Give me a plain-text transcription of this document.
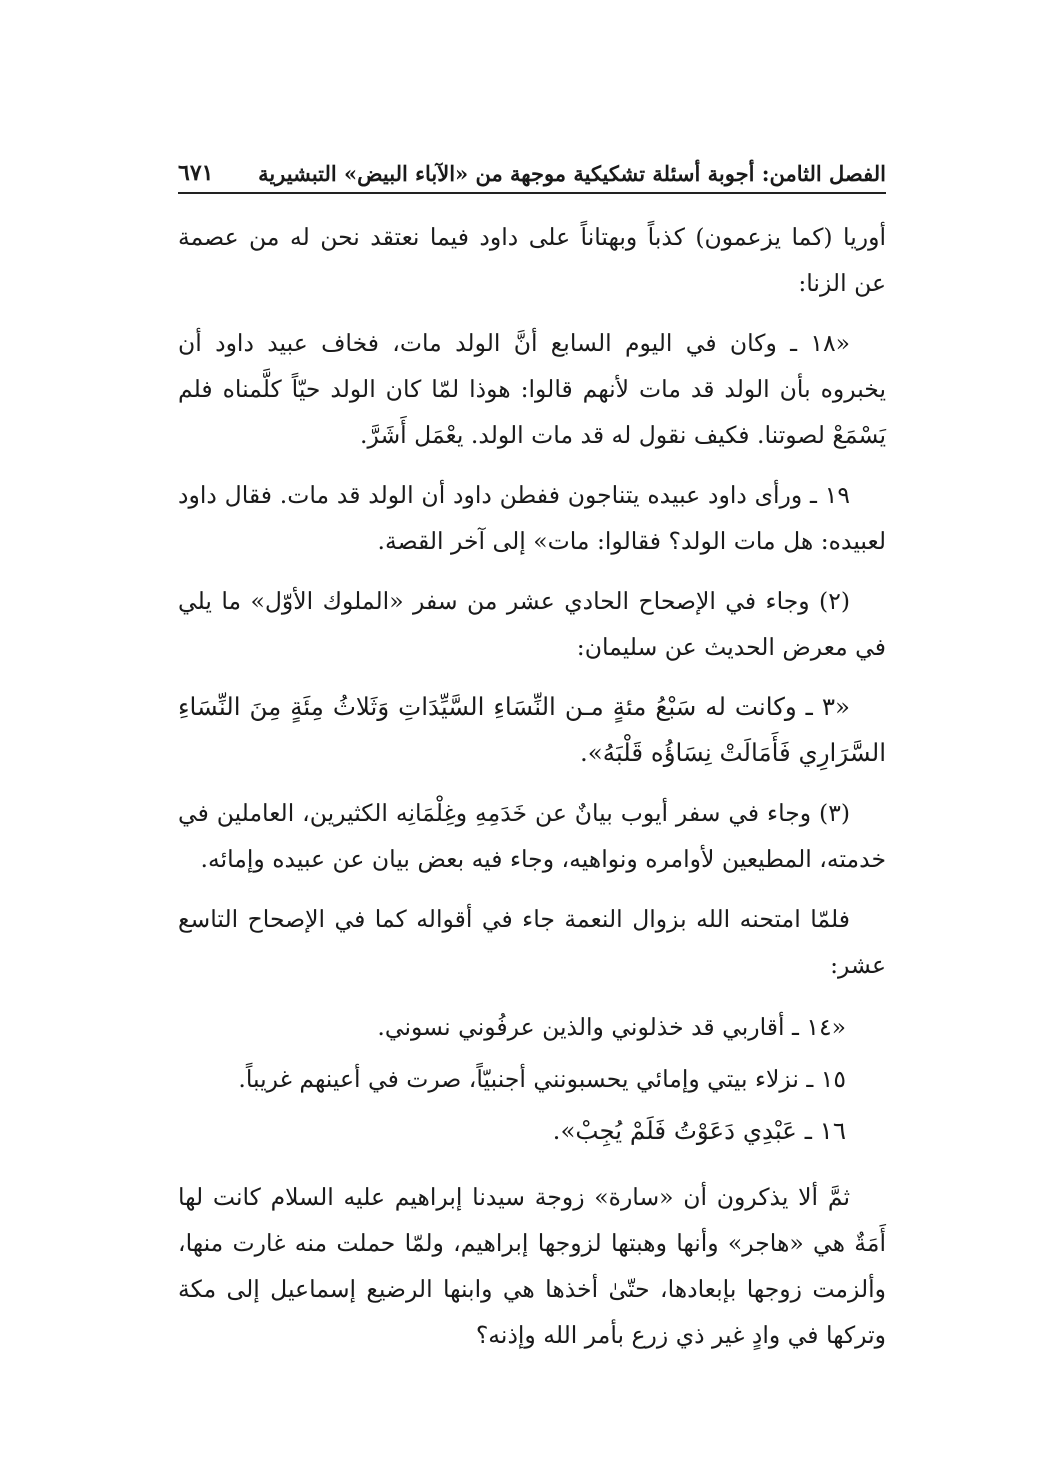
الفصل الثامن: أجوبة أسئلة تشكيكية موجهة من «الآباء البيض» التبشيرية
٦٧١

أوريا (كما يزعمون) كذباً وبهتاناً على داود فيما نعتقد نحن له من عصمة عن الزنا:

«١٨ ـ وكان في اليوم السابع أنَّ الولد مات، فخاف عبيد داود أن يخبروه بأن الولد قد مات لأنهم قالوا: هوذا لمّا كان الولد حيّاً كلَّمناه فلم يَسْمَعْ لصوتنا. فكيف نقول له قد مات الولد. يعْمَل أَشَرَّ.

١٩ ـ ورأى داود عبيده يتناجون ففطن داود أن الولد قد مات. فقال داود لعبيده: هل مات الولد؟ فقالوا: مات» إلى آخر القصة.

(٢) وجاء في الإصحاح الحادي عشر من سفر «الملوك الأوّل» ما يلي في معرض الحديث عن سليمان:

«٣ ـ وكانت له سَبْعُ مئةٍ مـن النِّسَاءِ السَّيِّدَاتِ وَثَلاثُ مِئَةٍ مِنَ النِّسَاءِ السَّرَارِي فَأَمَالَتْ نِسَاؤُه قَلْبَهُ».

(٣) وجاء في سفر أيوب بيانٌ عن خَدَمِهِ وغِلْمَانِه الكثيرين، العاملين في خدمته، المطيعين لأوامره ونواهيه، وجاء فيه بعض بيان عن عبيده وإمائه.

فلمّا امتحنه الله بزوال النعمة جاء في أقواله كما في الإصحاح التاسع عشر:

«١٤ ـ أقاربي قد خذلوني والذين عرفُوني نسوني.

١٥ ـ نزلاء بيتي وإمائي يحسبونني أجنبيّاً، صرت في أعينهم غريباً.

١٦ ـ عَبْدِي دَعَوْتُ فَلَمْ يُجِبْ».

ثمَّ ألا يذكرون أن «سارة» زوجة سيدنا إبراهيم عليه السلام كانت لها أَمَةٌ هي «هاجر» وأنها وهبتها لزوجها إبراهيم، ولمّا حملت منه غارت منها، وألزمت زوجها بإبعادها، حتّىٰ أخذها هي وابنها الرضيع إسماعيل إلى مكة وتركها في وادٍ غير ذي زرع بأمر الله وإذنه؟
